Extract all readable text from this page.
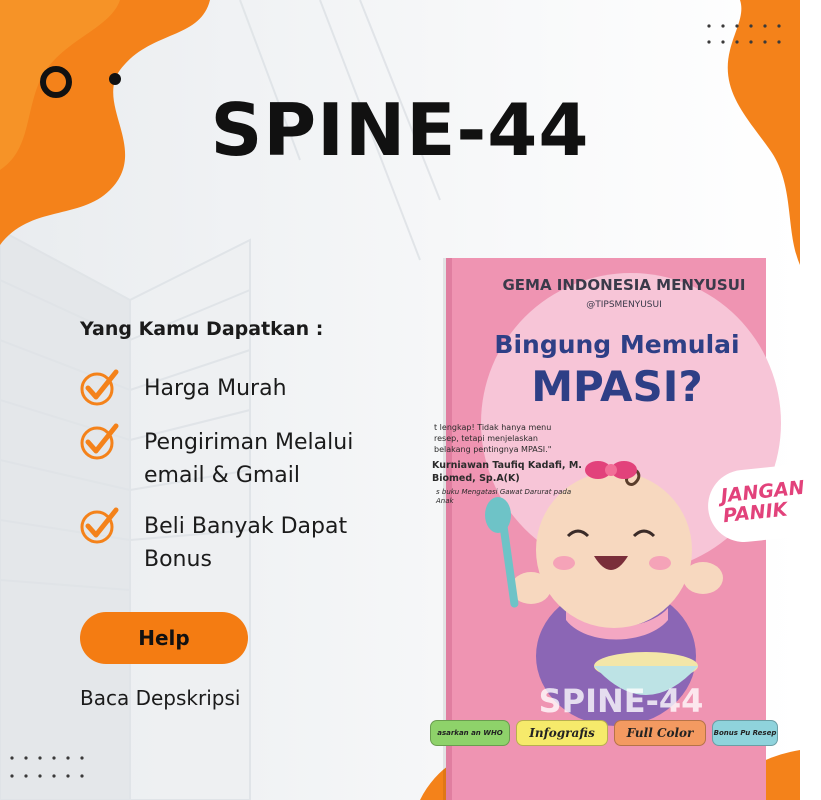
SPINE-44
Yang Kamu Dapatkan :
Harga Murah
Pengiriman Melalui email & Gmail
Beli Banyak Dapat Bonus
Help
Baca Depskripsi
GEMA INDONESIA MENYUSUI
@TIPSMENYUSUI
Bingung Memulai
MPASI?
t lengkap! Tidak hanya menu resep, tetapi menjelaskan belakang pentingnya MPASI."
Kurniawan Taufiq Kadafi, M. Biomed, Sp.A(K)
s buku Mengatasi Gawat Darurat pada Anak	JANGAN PANIK
SPINE-44
asarkan an WHO	Infografis	Full Color	Bonus Pu Resep
